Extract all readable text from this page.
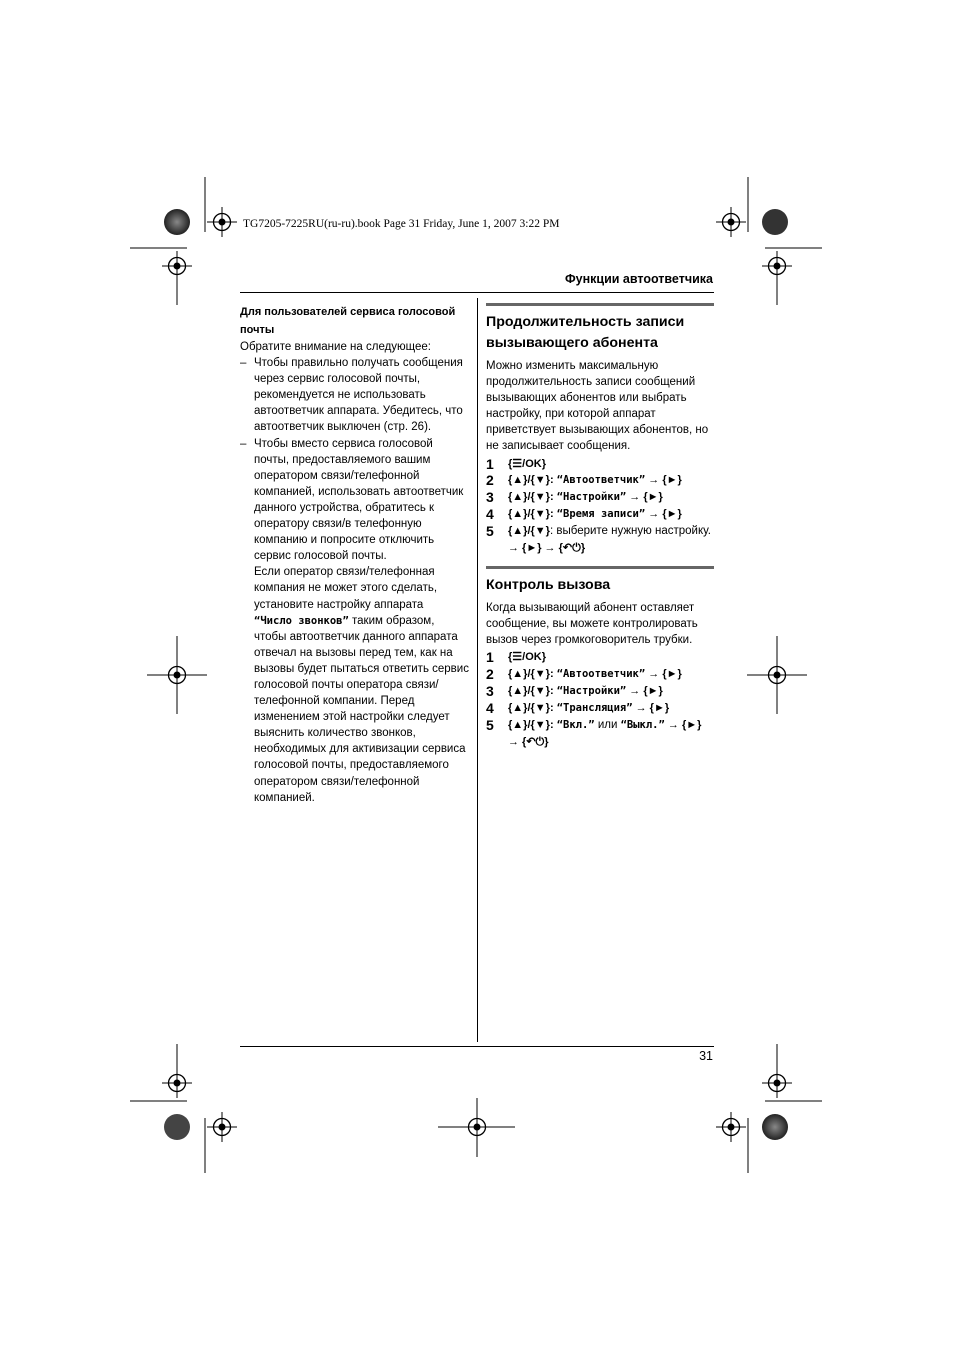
TG7205-7225RU(ru-ru).book Page 31 Friday, June 1, 2007 3:22 PM
Функции автоответчика
31
Для пользователей сервиса голосовой почты
Обратите внимание на следующее:
– Чтобы правильно получать сообщения через сервис голосовой почты, рекомендуется не использовать автоответчик аппарата. Убедитесь, что автоответчик выключен (стр. 26).
– Чтобы вместо сервиса голосовой почты, предоставляемого вашим оператором связи/телефонной компанией, использовать автоответчик данного устройства, обратитесь к оператору связи/в телефонную компанию и попросите отключить сервис голосовой почты.
Если оператор связи/телефонная компания не может этого сделать, установите настройку аппарата
“Число звонков” таким образом, чтобы автоответчик данного аппарата отвечал на вызовы перед тем, как на вызовы будет пытаться ответить сервис голосовой почты оператора связи/телефонной компании. Перед изменением этой настройки следует выяснить количество звонков, необходимых для активизации сервиса голосовой почты, предоставляемого оператором связи/телефонной компанией.
Продолжительность записи вызывающего абонента
Можно изменить максимальную продолжительность записи сообщений вызывающих абонентов или выбрать настройку, при которой аппарат приветствует вызывающих абонентов, но не записывает сообщения.
1	{☰/OK}
2	{▲}/{▼}: “Автоответчик” → {►}
3	{▲}/{▼}: “Настройки” → {►}
4	{▲}/{▼}: “Время записи” → {►}
5	{▲}/{▼}: выберите нужную настройку.
→ {►} → {↶⏻}
Контроль вызова
Когда вызывающий абонент оставляет сообщение, вы можете контролировать вызов через громкоговоритель трубки.
1	{☰/OK}
2	{▲}/{▼}: “Автоответчик” → {►}
3	{▲}/{▼}: “Настройки” → {►}
4	{▲}/{▼}: “Трансляция” → {►}
5	{▲}/{▼}: “Вкл.” или “Выкл.” → {►}
→ {↶⏻}
